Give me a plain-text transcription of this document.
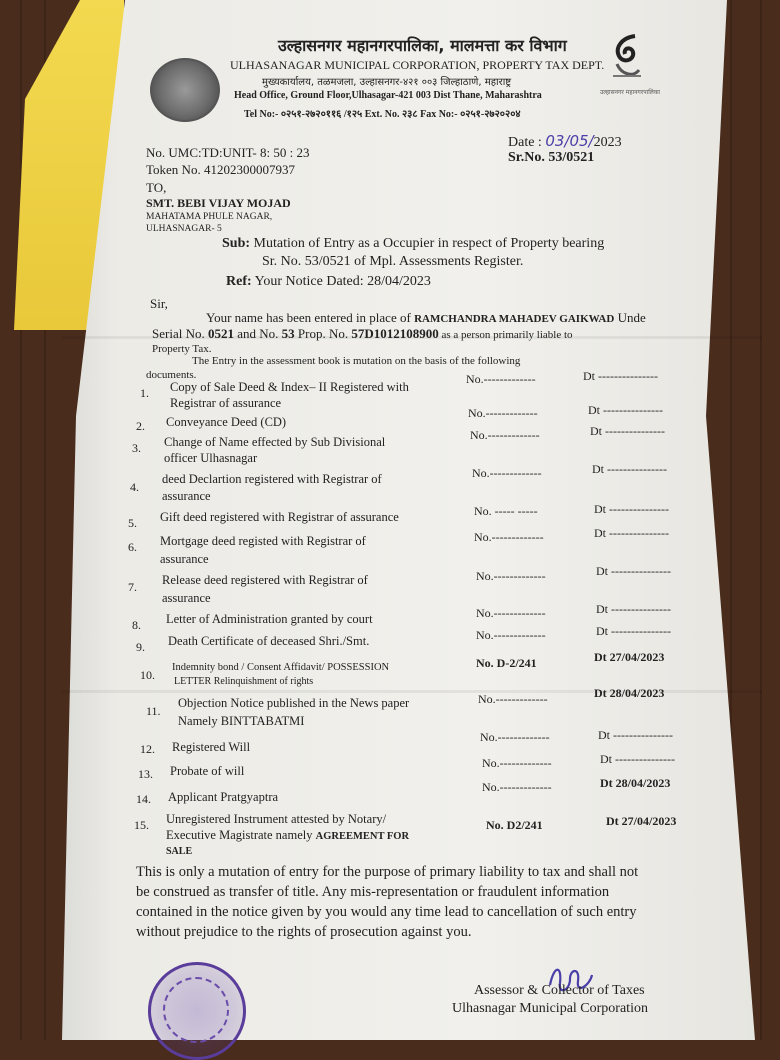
उल्हासनगर महानगरपालिका
उल्हासनगर महानगरपालिका, मालमत्ता कर विभाग
ULHASANAGAR MUNICIPAL CORPORATION, PROPERTY TAX DEPT.
मुख्यकार्यालय, तळमजला, उल्हासनगर-४२१ ००३ जिल्हाठाणे, महाराष्ट्र
Head Office, Ground Floor,Ulhasagar-421 003 Dist Thane, Maharashtra
Tel No:- ०२५१-२७२०११६ /१२५ Ext. No. २३८ Fax No:- ०२५१-२७२०२०४
No. UMC:TD:UNIT- 8: 50 : 23
Token No. 41202300007937
Date : 03/05/2023
Sr.No. 53/0521
TO,
SMT. BEBI VIJAY MOJAD
MAHATAMA PHULE NAGAR,
ULHASNAGAR- 5
Sub: Mutation of Entry as a Occupier in respect of Property bearing
Sr. No. 53/0521 of Mpl. Assessments Register.
Ref: Your Notice Dated: 28/04/2023
Sir,
Your name has been entered in place of RAMCHANDRA MAHADEV GAIKWAD Unde
Serial No. 0521 and No. 53 Prop. No. 57D1012108900 as a person primarily liable to
Property Tax.
The Entry in the assessment book is mutation on the basis of the following
documents.
1. Copy of Sale Deed & Index– II Registered with
Registrar of assurance
No.-------------	Dt ---------------
2. Conveyance Deed (CD)
No.-------------	Dt ---------------
3. Change of Name effected by Sub Divisional
officer Ulhasnagar
No.-------------	Dt ---------------
4.
deed Declartion registered with Registrar of
assurance
No.-------------	Dt ---------------
5. Gift deed registered with Registrar of assurance	No. ----- -----	Dt ---------------
6. Mortgage deed registed with Registrar of
assurance
No.-------------	Dt ---------------
7. Release deed registered with Registrar of
assurance
No.-------------	Dt ---------------
8. Letter of Administration granted by court	No.-------------	Dt ---------------
9. Death Certificate of deceased Shri./Smt.	No.-------------	Dt ---------------
10.
Indemnity bond / Consent Affidavit/ POSSESSION
LETTER Relinquishment of rights
No. D-2/241	Dt 27/04/2023
11.
Objection Notice published in the News paper
Namely BINTTABATMI
No.-------------	Dt 28/04/2023
12. Registered Will
No.-------------	Dt ---------------
13. Probate of will
No.-------------	Dt ---------------
14. Applicant Pratgyaptra
No.-------------	Dt 28/04/2023
15. Unregistered Instrument attested by Notary/
Executive Magistrate namely AGREEMENT FOR
SALE
No. D2/241	Dt 27/04/2023
This is only a mutation of entry for the purpose of primary liability to tax and shall not
be construed as transfer of title. Any mis-representation or fraudulent information
contained in the notice given by you would any time lead to cancellation of such entry
without prejudice to the rights of prosecution against you.
Assessor & Collector of Taxes
Ulhasnagar Municipal Corporation
